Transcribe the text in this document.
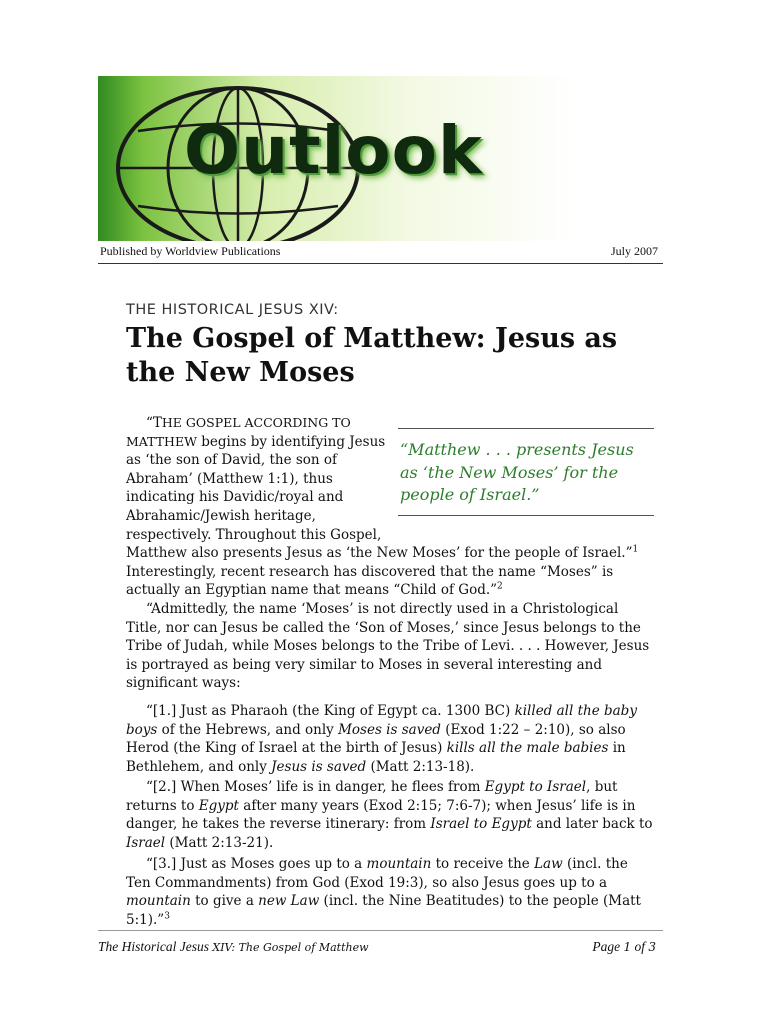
Outlook
Published by Worldview Publications	July 2007
THE HISTORICAL JESUS XIV:
The Gospel of Matthew: Jesus as
the New Moses

“THE GOSPEL ACCORDING TO MATTHEW begins by identifying Jesus as ‘the son of David, the son of Abraham’ (Matthew 1:1), thus indicating his Davidic/royal and Abrahamic/Jewish heritage, respectively. Throughout this Gospel,

“Matthew . . . presents Jesus as ‘the New Moses’ for the people of Israel.”

Matthew also presents Jesus as ‘the New Moses’ for the people of Israel.”$^1$ Interestingly, recent research has discovered that the name “Moses” is actually an Egyptian name that means “Child of God.”$^2$

“Admittedly, the name ‘Moses’ is not directly used in a Christological Title, nor can Jesus be called the ‘Son of Moses,’ since Jesus belongs to the Tribe of Judah, while Moses belongs to the Tribe of Levi. . . . However, Jesus is portrayed as being very similar to Moses in several interesting and significant ways:

“[1.] Just as Pharaoh (the King of Egypt ca. 1300 BC) killed all the baby boys of the Hebrews, and only Moses is saved (Exod 1:22 – 2:10), so also Herod (the King of Israel at the birth of Jesus) kills all the male babies in Bethlehem, and only Jesus is saved (Matt 2:13-18).

“[2.] When Moses’ life is in danger, he flees from Egypt to Israel, but returns to Egypt after many years (Exod 2:15; 7:6-7); when Jesus’ life is in danger, he takes the reverse itinerary: from Israel to Egypt and later back to Israel (Matt 2:13-21).

“[3.] Just as Moses goes up to a mountain to receive the Law (incl. the Ten Commandments) from God (Exod 19:3), so also Jesus goes up to a mountain to give a new Law (incl. the Nine Beatitudes) to the people (Matt 5:1).”$^3$

The Historical Jesus XIV: The Gospel of Matthew	Page 1 of 3
